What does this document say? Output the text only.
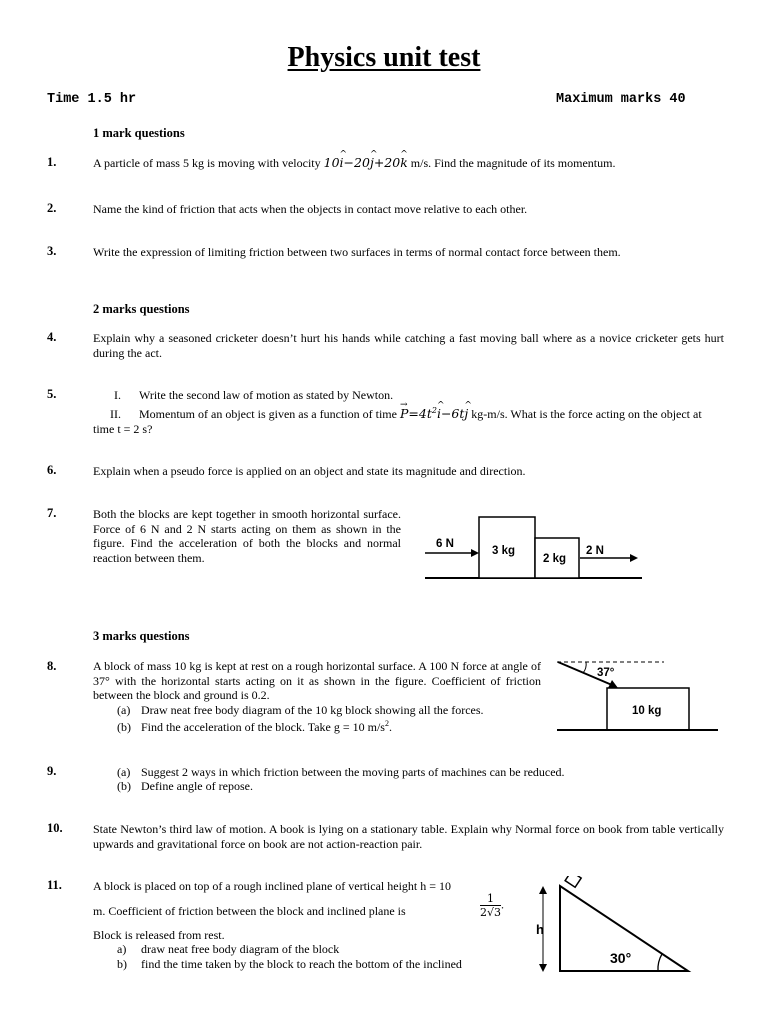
Physics unit test
Time 1.5 hr	Maximum marks 40
1 mark questions
1.	A particle of mass 5 kg is moving with velocity 10^ i−20^ j+20^ k m/s. Find the magnitude of its momentum.
2.	Name the kind of friction that acts when the objects in contact move relative to each other.
3.	Write the expression of limiting friction between two surfaces in terms of normal contact force between them.
2 marks questions
4.	Explain why a seasoned cricketer doesn’t hurt his hands while catching a fast moving ball where as a novice cricketer gets hurt during the act.
5.	I. Write the second law of motion as stated by Newton.
II. Momentum of an object is given as a function of time → $P=4t^2\^{}$ i−6t^ j kg-m/s. What is the force acting on the object at time t = 2 s?
6.	Explain when a pseudo force is applied on an object and state its magnitude and direction.
7.	Both the blocks are kept together in smooth horizontal surface. Force of 6 N and 2 N starts acting on them as shown in the figure. Find the acceleration of both the blocks and normal reaction between them.
6 N
3 kg
2 kg
2 N
3 marks questions
8.	A block of mass 10 kg is kept at rest on a rough horizontal surface. A 100 N force at angle of 37° with the horizontal starts acting on it as shown in the figure. Coefficient of friction between the block and ground is 0.2.
(a) Draw neat free body diagram of the 10 kg block showing all the forces.
(b) Find the acceleration of the block. Take g = 10 $m/s^2$.
37°
10 kg
9.	(a) Suggest 2 ways in which friction between the moving parts of machines can be reduced.
(b) Define angle of repose.
10.	State Newton’s third law of motion. A book is lying on a stationary table. Explain why Normal force on book from table vertically upwards and gravitational force on book are not action-reaction pair.
11.	A block is placed on top of a rough inclined plane of vertical height h = 10
m. Coefficient of friction between the block and inclined plane is	$\frac{1}{2√3}$ .
Block is released from rest.
a) draw neat free body diagram of the block
b) find the time taken by the block to reach the bottom of the inclined
h
30°
